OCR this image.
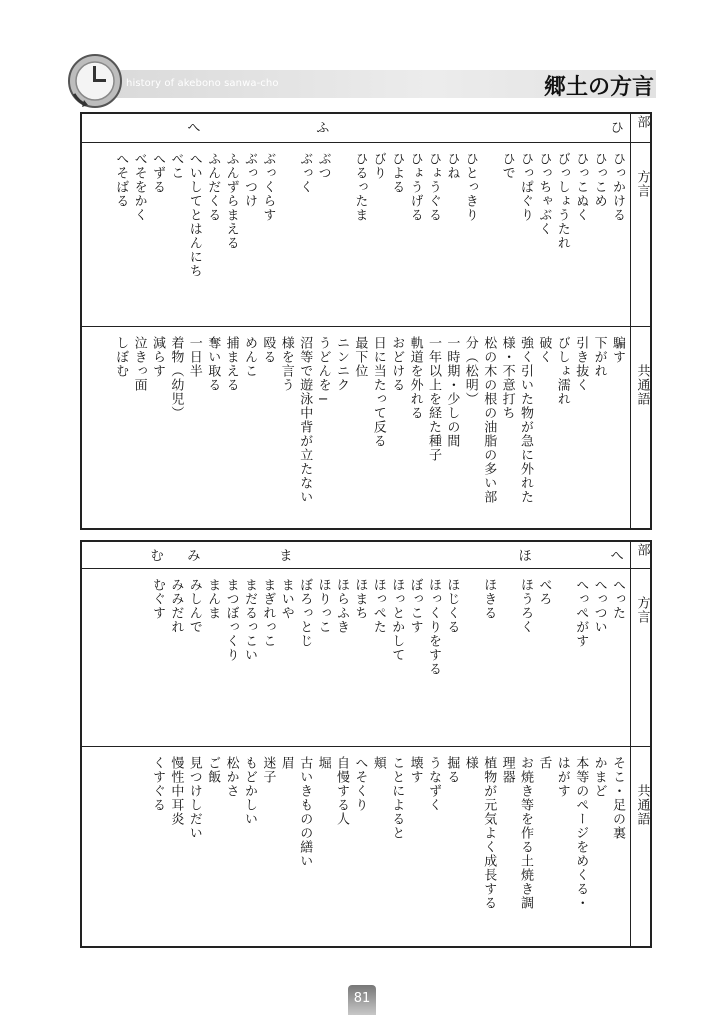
history of akebono sanwa-cho	郷土の方言
部
方言
共通語
ひっかける
騙す
ひっこめ
下がれ
ひっこぬく
引き抜く
びっしょうたれ
びしょ濡れ
ひっちゃぶく
破く
ひっぱぐり
強く引いた物が急に外れた
ひで
様・不意打ち
松の木の根の油脂の多い部
ひとっきり
分（松明）
ひね
一時期・少しの間
ひょうぐる
一年以上を経た種子
ひょうげる
軌道を外れる
ひよる
おどける
びり
日に当たって反る
ひるったま
最下位
ニンニク
ひ
ぶつ
うどんを−
ぶっく
沼等で遊泳中背が立たない
様を言う
ぶっくらす
殴る
ぶっつけ
めんこ
ふんずらまえる
捕まえる
ふんだくる
奪い取る
ふ
へいしてとはんにち
一日半
べこ
着物（幼児）
へずる
減らす
べそをかく
泣きっ面
へそばる
しぼむ
へ
部
方言
共通語
へった
そこ・足の裏
へっつい
かまど
へっぺがす
本等のページをめくる・
はがす
べろ
舌
へ
ほうろく
お焼き等を作る土焼き調
理器
ほきる
植物が元気よく成長する
様
ほじくる
掘る
ほっくりをする
うなずく
ぼっこす
壊す
ほっとかして
ことによると
ほっぺた
頬
ほまち
へそくり
ほらふき
自慢する人
ほりっこ
堀
ぼろっとじ
古いきものの繕い
ほ
まいや
眉
まぎれっこ
迷子
まだるっこい
もどかしい
まつぼっくり
松かさ
まんま
ご飯
ま
みしんで
見つけしだい
みみだれ
慢性中耳炎
み
むぐす
くすぐる
む
81
